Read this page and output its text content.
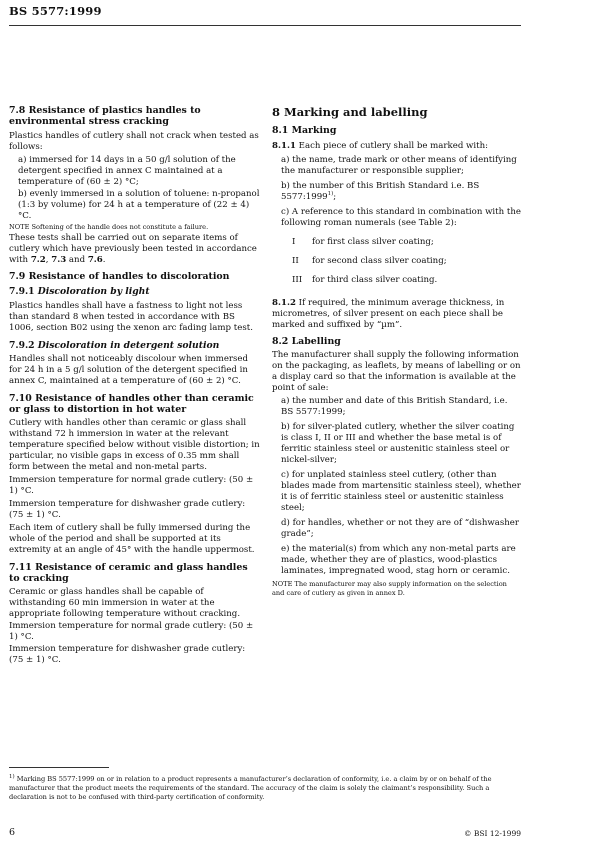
BS 5577:1999
7.8 Resistance of plastics handles to environmental stress cracking

Plastics handles of cutlery shall not crack when tested as follows:

a) immersed for 14 days in a 50 g/l solution of the detergent specified in annex C maintained at a temperature of (60 ± 2) °C;

b) evenly immersed in a solution of toluene: n-propanol (1:3 by volume) for 24 h at a temperature of (22 ± 4) °C.

NOTE Softening of the handle does not constitute a failure.

These tests shall be carried out on separate items of cutlery which have previously been tested in accordance with 7.2, 7.3 and 7.6.

7.9 Resistance of handles to discoloration
7.9.1 Discoloration by light

Plastics handles shall have a fastness to light not less than standard 8 when tested in accordance with BS 1006, section B02 using the xenon arc fading lamp test.

7.9.2 Discoloration in detergent solution

Handles shall not noticeably discolour when immersed for 24 h in a 5 g/l solution of the detergent specified in annex C, maintained at a temperature of (60 ± 2) °C.

7.10 Resistance of handles other than ceramic or glass to distortion in hot water

Cutlery with handles other than ceramic or glass shall withstand 72 h immersion in water at the relevant temperature specified below without visible distortion; in particular, no visible gaps in excess of 0.35 mm shall form between the metal and non-metal parts.

Immersion temperature for normal grade cutlery: (50 ± 1) °C.

Immersion temperature for dishwasher grade cutlery: (75 ± 1) °C.

Each item of cutlery shall be fully immersed during the whole of the period and shall be supported at its extremity at an angle of 45° with the handle uppermost.

7.11 Resistance of ceramic and glass handles to cracking

Ceramic or glass handles shall be capable of withstanding 60 min immersion in water at the appropriate following temperature without cracking.

Immersion temperature for normal grade cutlery: (50 ± 1) °C.

Immersion temperature for dishwasher grade cutlery: (75 ± 1) °C.

8 Marking and labelling
8.1 Marking

8.1.1 Each piece of cutlery shall be marked with:

a) the name, trade mark or other means of identifying the manufacturer or responsible supplier;

b) the number of this British Standard i.e. BS 5577:1999$^{1)}$;

c) A reference to this standard in combination with the following roman numerals (see Table 2):

I	for first class silver coating;

II	for second class silver coating;

III	for third class silver coating.

8.1.2 If required, the minimum average thickness, in micrometres, of silver present on each piece shall be marked and suffixed by “µm”.

8.2 Labelling

The manufacturer shall supply the following information on the packaging, as leaflets, by means of labelling or on a display card so that the information is available at the point of sale:

a) the number and date of this British Standard, i.e. BS 5577:1999;

b) for silver-plated cutlery, whether the silver coating is class I, II or III and whether the base metal is of ferritic stainless steel or austenitic stainless steel or nickel-silver;

c) for unplated stainless steel cutlery, (other than blades made from martensitic stainless steel), whether it is of ferritic stainless steel or austenitic stainless steel;

d) for handles, whether or not they are of “dishwasher grade”;

e) the material(s) from which any non-metal parts are made, whether they are of plastics, wood-plastics laminates, impregnated wood, stag horn or ceramic.

NOTE The manufacturer may also supply information on the selection and care of cutlery as given in annex D.

$^{1)}$ Marking BS 5577:1999 on or in relation to a product represents a manufacturer’s declaration of conformity, i.e. a claim by or on behalf of the manufacturer that the product meets the requirements of the standard. The accuracy of the claim is solely the claimant’s responsibility. Such a declaration is not to be confused with third-party certification of conformity.
6	© BSI 12-1999
